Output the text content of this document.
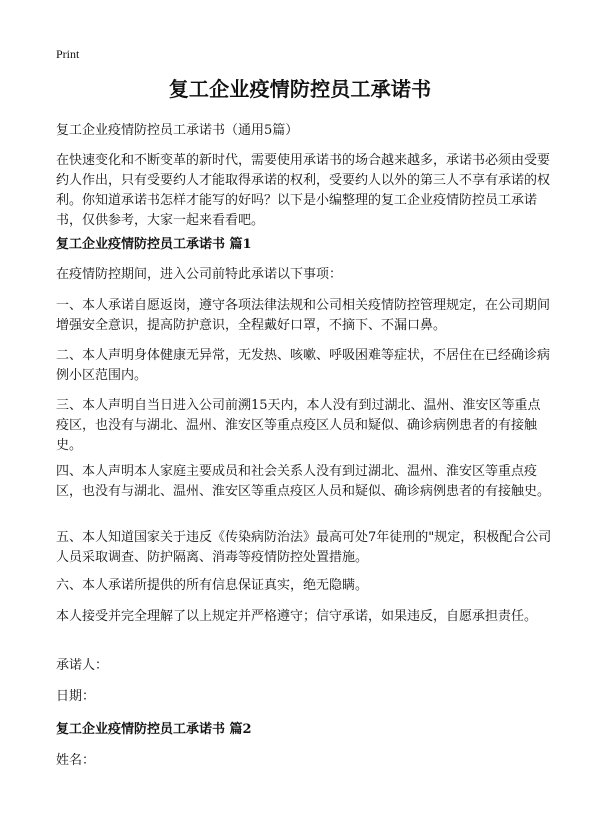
Print
复工企业疫情防控员工承诺书
复工企业疫情防控员工承诺书（通用5篇）
在快速变化和不断变革的新时代，需要使用承诺书的场合越来越多，承诺书必须由受要约人作出，只有受要约人才能取得承诺的权利，受要约人以外的第三人不享有承诺的权利。你知道承诺书怎样才能写的好吗？以下是小编整理的复工企业疫情防控员工承诺书，仅供参考，大家一起来看看吧。
复工企业疫情防控员工承诺书 篇1
在疫情防控期间，进入公司前特此承诺以下事项：
一、本人承诺自愿返岗，遵守各项法律法规和公司相关疫情防控管理规定，在公司期间增强安全意识，提高防护意识，全程戴好口罩，不摘下、不漏口鼻。
二、本人声明身体健康无异常，无发热、咳嗽、呼吸困难等症状，不居住在已经确诊病例小区范围内。
三、本人声明自当日进入公司前溯15天内，本人没有到过湖北、温州、淮安区等重点疫区，也没有与湖北、温州、淮安区等重点疫区人员和疑似、确诊病例患者的有接触史。
四、本人声明本人家庭主要成员和社会关系人没有到过湖北、温州、淮安区等重点疫区，也没有与湖北、温州、淮安区等重点疫区人员和疑似、确诊病例患者的有接触史。
五、本人知道国家关于违反《传染病防治法》最高可处7年徒刑的"规定，积极配合公司人员采取调查、防护隔离、消毒等疫情防控处置措施。
六、本人承诺所提供的所有信息保证真实，绝无隐瞒。
本人接受并完全理解了以上规定并严格遵守；信守承诺，如果违反，自愿承担责任。
承诺人：
日期：
复工企业疫情防控员工承诺书 篇2
姓名：
